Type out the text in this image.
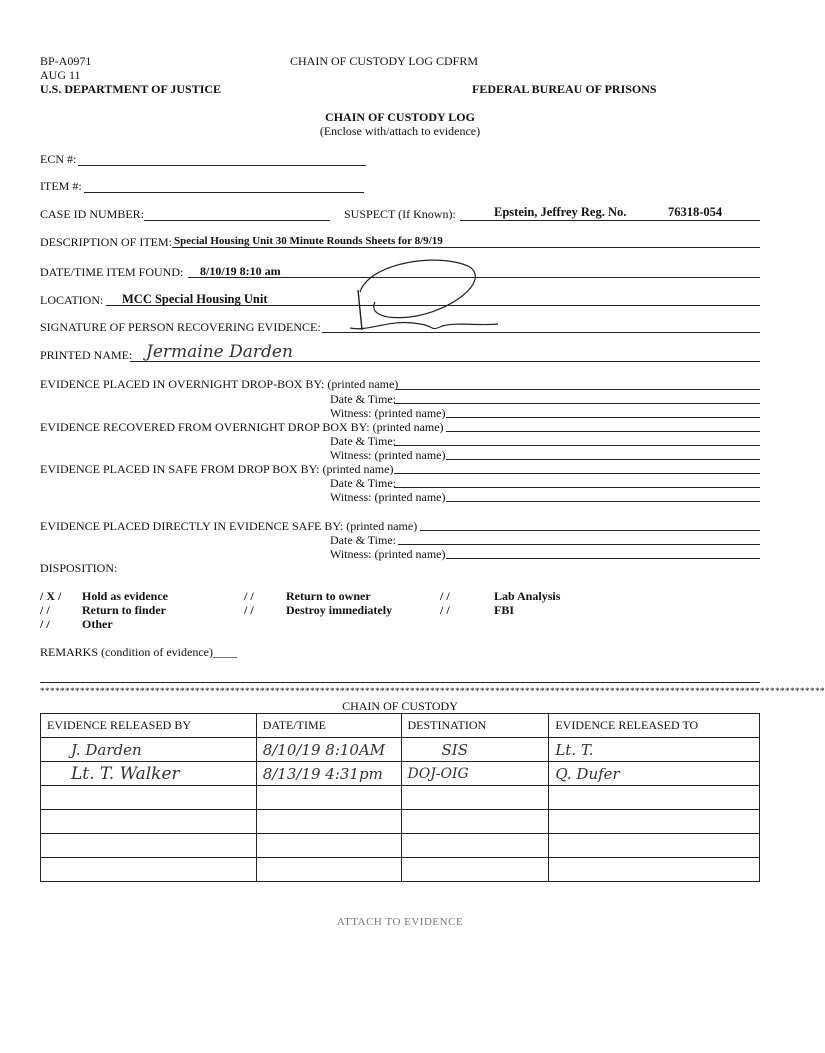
BP-A0971
AUG 11
CHAIN OF CUSTODY LOG CDFRM
U.S. DEPARTMENT OF JUSTICE	FEDERAL BUREAU OF PRISONS
CHAIN OF CUSTODY LOG
(Enclose with/attach to evidence)
ECN #:
ITEM #:
CASE ID NUMBER:	SUSPECT (If Known):	Epstein, Jeffrey Reg. No.	76318-054
DESCRIPTION OF ITEM: Special Housing Unit 30 Minute Rounds Sheets for 8/9/19
DATE/TIME ITEM FOUND: 8/10/19 8:10 am
LOCATION: MCC Special Housing Unit
SIGNATURE OF PERSON RECOVERING EVIDENCE:
PRINTED NAME: Jermaine Darden
EVIDENCE PLACED IN OVERNIGHT DROP-BOX BY: (printed name)
Date & Time:
Witness: (printed name)
EVIDENCE RECOVERED FROM OVERNIGHT DROP BOX BY: (printed name)
Date & Time:
Witness: (printed name)
EVIDENCE PLACED IN SAFE FROM DROP BOX BY: (printed name)
Date & Time:
Witness: (printed name)
EVIDENCE PLACED DIRECTLY IN EVIDENCE SAFE BY: (printed name)
Date & Time:
Witness: (printed name)
DISPOSITION:
/ X / Hold as evidence	/ /	Return to owner	/ /	Lab Analysis
/ /	Return to finder	/ /	Destroy immediately	/ /	FBI
/ /	Other
REMARKS (condition of evidence)____
*************************************************************************************************************************************************************
CHAIN OF CUSTODY
EVIDENCE RELEASED BY	DATE/TIME	DESTINATION	EVIDENCE RELEASED TO
J. Darden	8/10/19 8:10AM	SIS	Lt. T.
Lt. T. Walker	8/13/19 4:31pm	DOJ-OIG	Q. Dufer

ATTACH TO EVIDENCE
